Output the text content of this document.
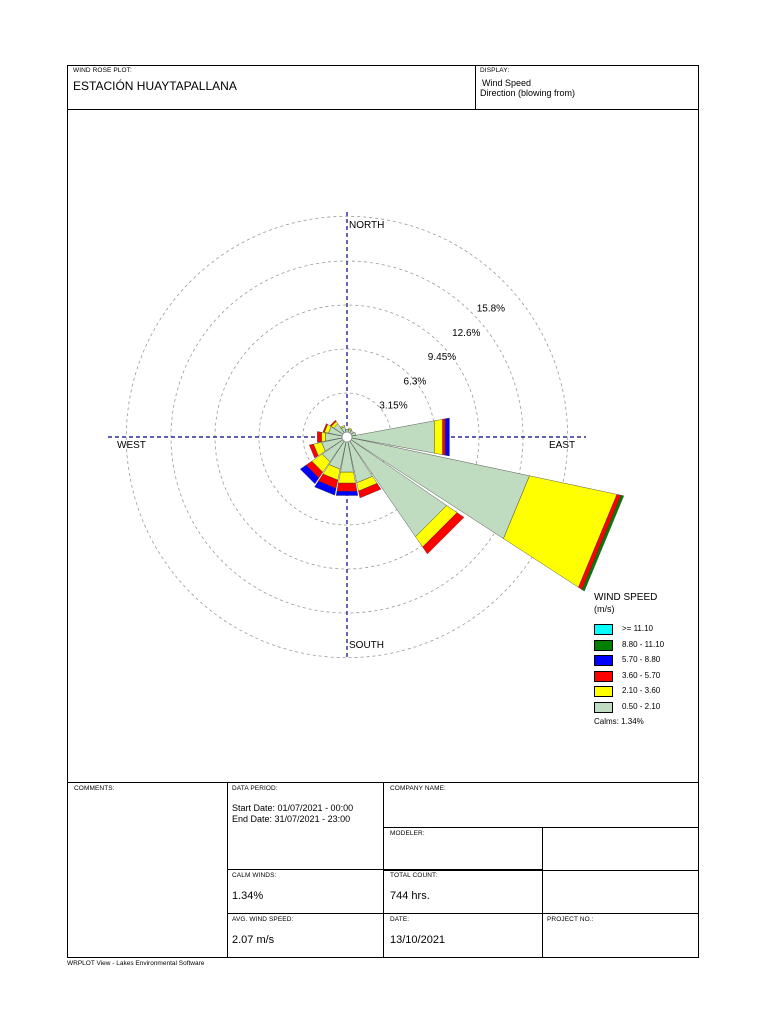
WIND ROSE PLOT:
ESTACIÓN HUAYTAPALLANA
DISPLAY:
Wind Speed
Direction (blowing from)
3.15%
6.3%
9.45%
12.6%
15.8%
NORTH
SOUTH
EAST
WEST
WIND SPEED
(m/s)
>= 11.10
8.80 - 11.10
5.70 - 8.80
3.60 - 5.70
2.10 - 3.60
0.50 - 2.10
Calms: 1.34%
COMMENTS:	DATA PERIOD:
Start Date: 01/07/2021 - 00:00
End Date: 31/07/2021 - 23:00
COMPANY NAME:
MODELER:
CALM WINDS:
1.34%
TOTAL COUNT:
744 hrs.
AVG. WIND SPEED:
2.07 m/s
DATE:
13/10/2021
PROJECT NO.:
WRPLOT View - Lakes Environmental Software
